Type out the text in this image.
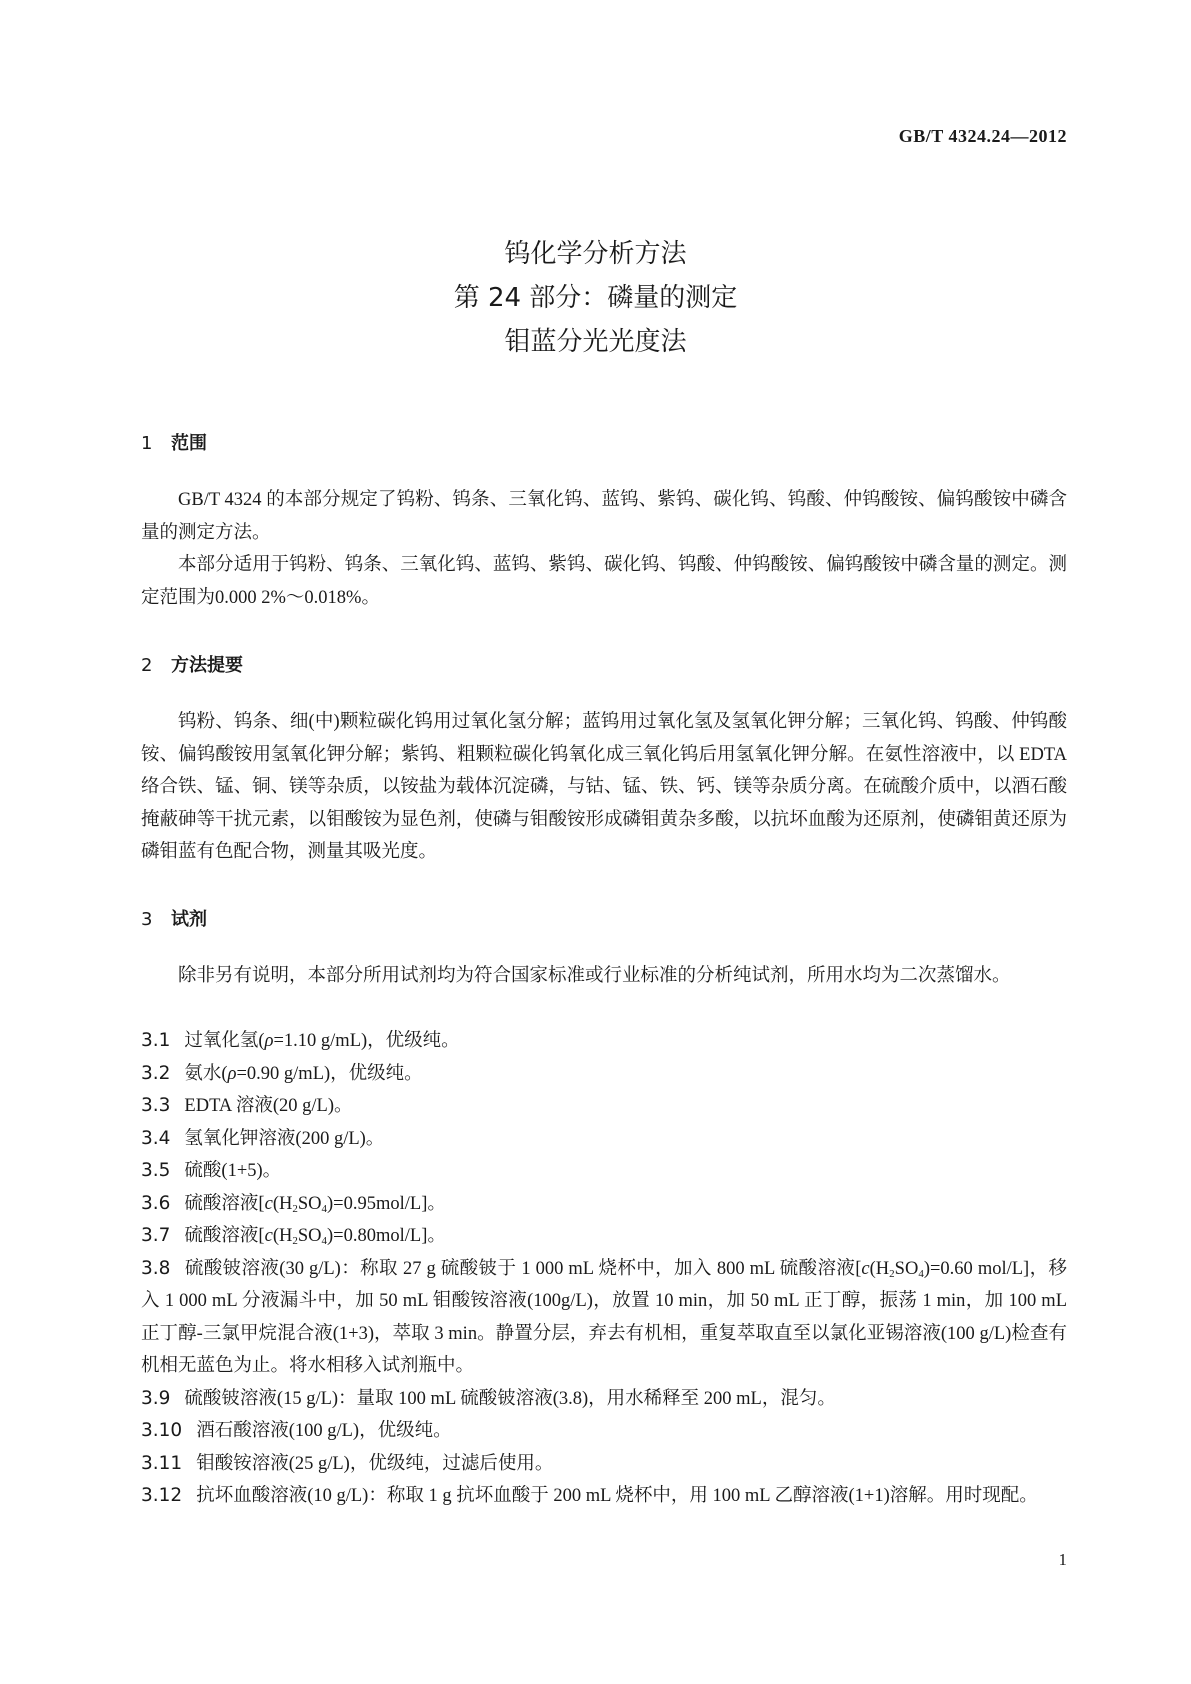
GB/T 4324.24—2012
钨化学分析方法
第 24 部分：磷量的测定
钼蓝分光光度法
1 范围

GB/T 4324 的本部分规定了钨粉、钨条、三氧化钨、蓝钨、紫钨、碳化钨、钨酸、仲钨酸铵、偏钨酸铵中磷含量的测定方法。

本部分适用于钨粉、钨条、三氧化钨、蓝钨、紫钨、碳化钨、钨酸、仲钨酸铵、偏钨酸铵中磷含量的测定。测定范围为0.000 2%～0.018%。

2 方法提要

钨粉、钨条、细(中)颗粒碳化钨用过氧化氢分解；蓝钨用过氧化氢及氢氧化钾分解；三氧化钨、钨酸、仲钨酸铵、偏钨酸铵用氢氧化钾分解；紫钨、粗颗粒碳化钨氧化成三氧化钨后用氢氧化钾分解。在氨性溶液中，以 EDTA 络合铁、锰、铜、镁等杂质，以铵盐为载体沉淀磷，与钴、锰、铁、钙、镁等杂质分离。在硫酸介质中，以酒石酸掩蔽砷等干扰元素，以钼酸铵为显色剂，使磷与钼酸铵形成磷钼黄杂多酸，以抗坏血酸为还原剂，使磷钼黄还原为磷钼蓝有色配合物，测量其吸光度。

3 试剂

除非另有说明，本部分所用试剂均为符合国家标准或行业标准的分析纯试剂，所用水均为二次蒸馏水。

3.1 过氧化氢(ρ=1.10 g/mL)，优级纯。
3.2 氨水(ρ=0.90 g/mL)，优级纯。
3.3 EDTA 溶液(20 g/L)。
3.4 氢氧化钾溶液(200 g/L)。
3.5 硫酸(1+5)。
3.6 硫酸溶液$[c(H_2SO_4)=0.95mol/L]$。
3.7 硫酸溶液$[c(H_2SO_4)=0.80mol/L]$。
3.8 硫酸铍溶液(30 g/L)：称取 27 g 硫酸铍于 1 000 mL 烧杯中，加入 800 mL 硫酸溶液[$c(H_2SO_4)=0.60$ mol/L]，移入 1 000 mL 分液漏斗中，加 50 mL 钼酸铵溶液(100g/L)，放置 10 min，加 50 mL 正丁醇，振荡 1 min，加 100 mL 正丁醇-三氯甲烷混合液(1+3)，萃取 3 min。静置分层，弃去有机相，重复萃取直至以氯化亚锡溶液(100 g/L)检查有机相无蓝色为止。将水相移入试剂瓶中。
3.9 硫酸铍溶液(15 g/L)：量取 100 mL 硫酸铍溶液(3.8)，用水稀释至 200 mL，混匀。
3.10 酒石酸溶液(100 g/L)，优级纯。
3.11 钼酸铵溶液(25 g/L)，优级纯，过滤后使用。
3.12 抗坏血酸溶液(10 g/L)：称取 1 g 抗坏血酸于 200 mL 烧杯中，用 100 mL 乙醇溶液(1+1)溶解。用时现配。
1
